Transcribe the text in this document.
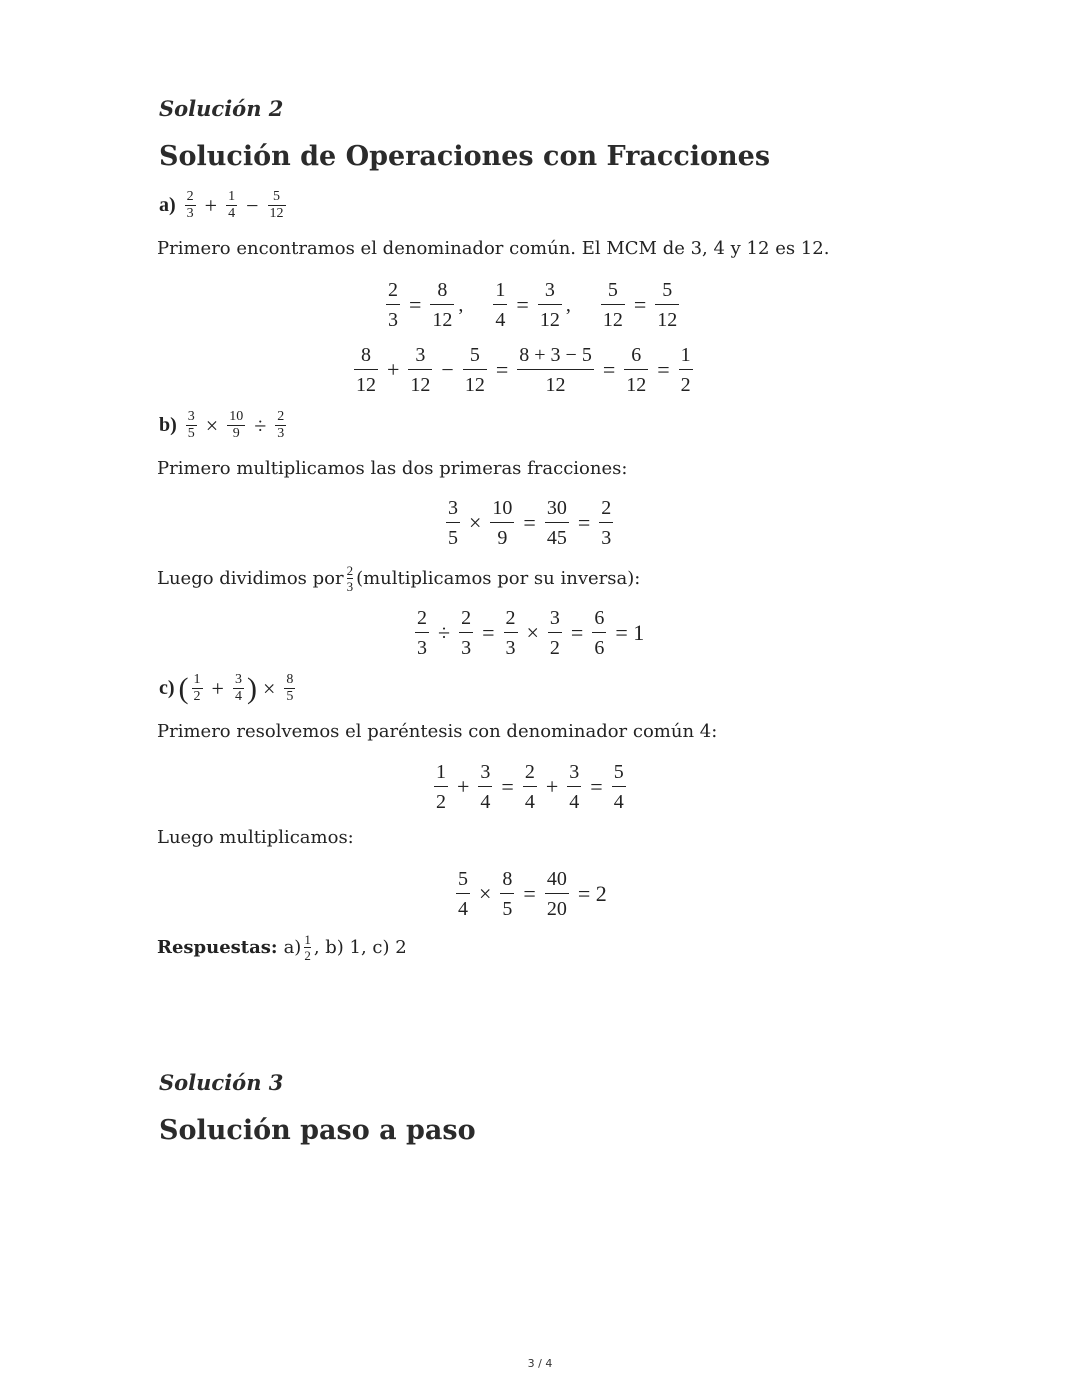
Solución 2
Solución de Operaciones con Fracciones
$a) \frac{2}{3} + \frac{1}{4} - \frac{5}{12}$
Primero encontramos el denominador común. El MCM de 3, 4 y 12 es 12.
$\frac{2}{3} = \frac{8}{12}$ , $\frac{1}{4} = \frac{3}{12}$ , $\frac{5}{12} = \frac{5}{12}$
$\frac{8}{12} + \frac{3}{12} - \frac{5}{12} = \frac{8 + 3 - 5}{12} = \frac{6}{12} = \frac{1}{2}$
$b) \frac{3}{5} \times \frac{10}{9} \div \frac{2}{3}$
Primero multiplicamos las dos primeras fracciones:
$\frac{3}{5} \times \frac{10}{9} = \frac{30}{45} = \frac{2}{3}$
Luego dividimos por $\frac{2}{3}$ (multiplicamos por su inversa):
$\frac{2}{3} \div \frac{2}{3} = \frac{2}{3} \times \frac{3}{2} = \frac{6}{6} = 1$
c) ( $\frac{1}{2} + \frac{3}{4}$ ) × $\frac{8}{5}$
Primero resolvemos el paréntesis con denominador común 4:
$\frac{1}{2} + \frac{3}{4} = \frac{2}{4} + \frac{3}{4} = \frac{5}{4}$
Luego multiplicamos:
$\frac{5}{4} \times \frac{8}{5} = \frac{40}{20} = 2$
Respuestas: $a) \frac{1}{2}$ , b) 1, c) 2
Solución 3
Solución paso a paso
3 / 4
